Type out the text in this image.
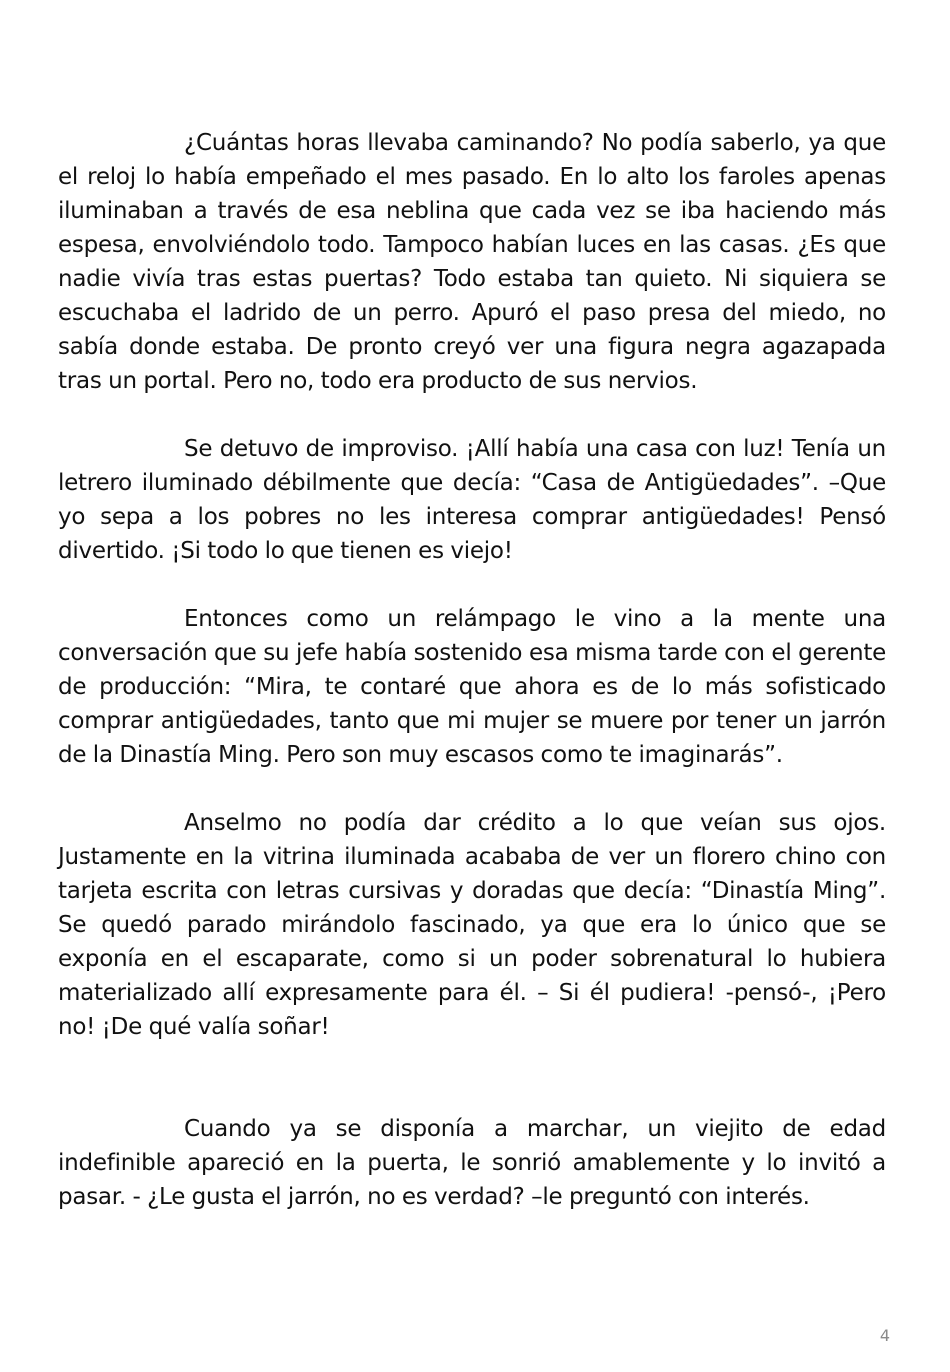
¿Cuántas horas llevaba caminando? No podía saberlo, ya que el reloj lo había empeñado el mes pasado. En lo alto los faroles apenas iluminaban a través de esa neblina que cada vez se iba haciendo más espesa, envolviéndolo todo. Tampoco habían luces en las casas. ¿Es que nadie vivía tras estas puertas? Todo estaba tan quieto. Ni siquiera se escuchaba el ladrido de un perro. Apuró el paso presa del miedo, no sabía donde estaba. De pronto creyó ver una figura negra agazapada tras un portal. Pero no, todo era producto de sus nervios.

Se detuvo de improviso. ¡Allí había una casa con luz! Tenía un letrero iluminado débilmente que decía: “Casa de Antigüedades”. –Que yo sepa a los pobres no les interesa comprar antigüedades! Pensó divertido. ¡Si todo lo que tienen es viejo!

Entonces como un relámpago le vino a la mente una conversación que su jefe había sostenido esa misma tarde con el gerente de producción: “Mira, te contaré que ahora es de lo más sofisticado comprar antigüedades, tanto que mi mujer se muere por tener un jarrón de la Dinastía Ming. Pero son muy escasos como te imaginarás”.

Anselmo no podía dar crédito a lo que veían sus ojos. Justamente en la vitrina iluminada acababa de ver un florero chino con tarjeta escrita con letras cursivas y doradas que decía: “Dinastía Ming”. Se quedó parado mirándolo fascinado, ya que era lo único que se exponía en el escaparate, como si un poder sobrenatural lo hubiera materializado allí expresamente para él. – Si él pudiera! -pensó-, ¡Pero no! ¡De qué valía soñar!

Cuando ya se disponía a marchar, un viejito de edad indefinible apareció en la puerta, le sonrió amablemente y lo invitó a pasar. - ¿Le gusta el jarrón, no es verdad? –le preguntó con interés.

4
